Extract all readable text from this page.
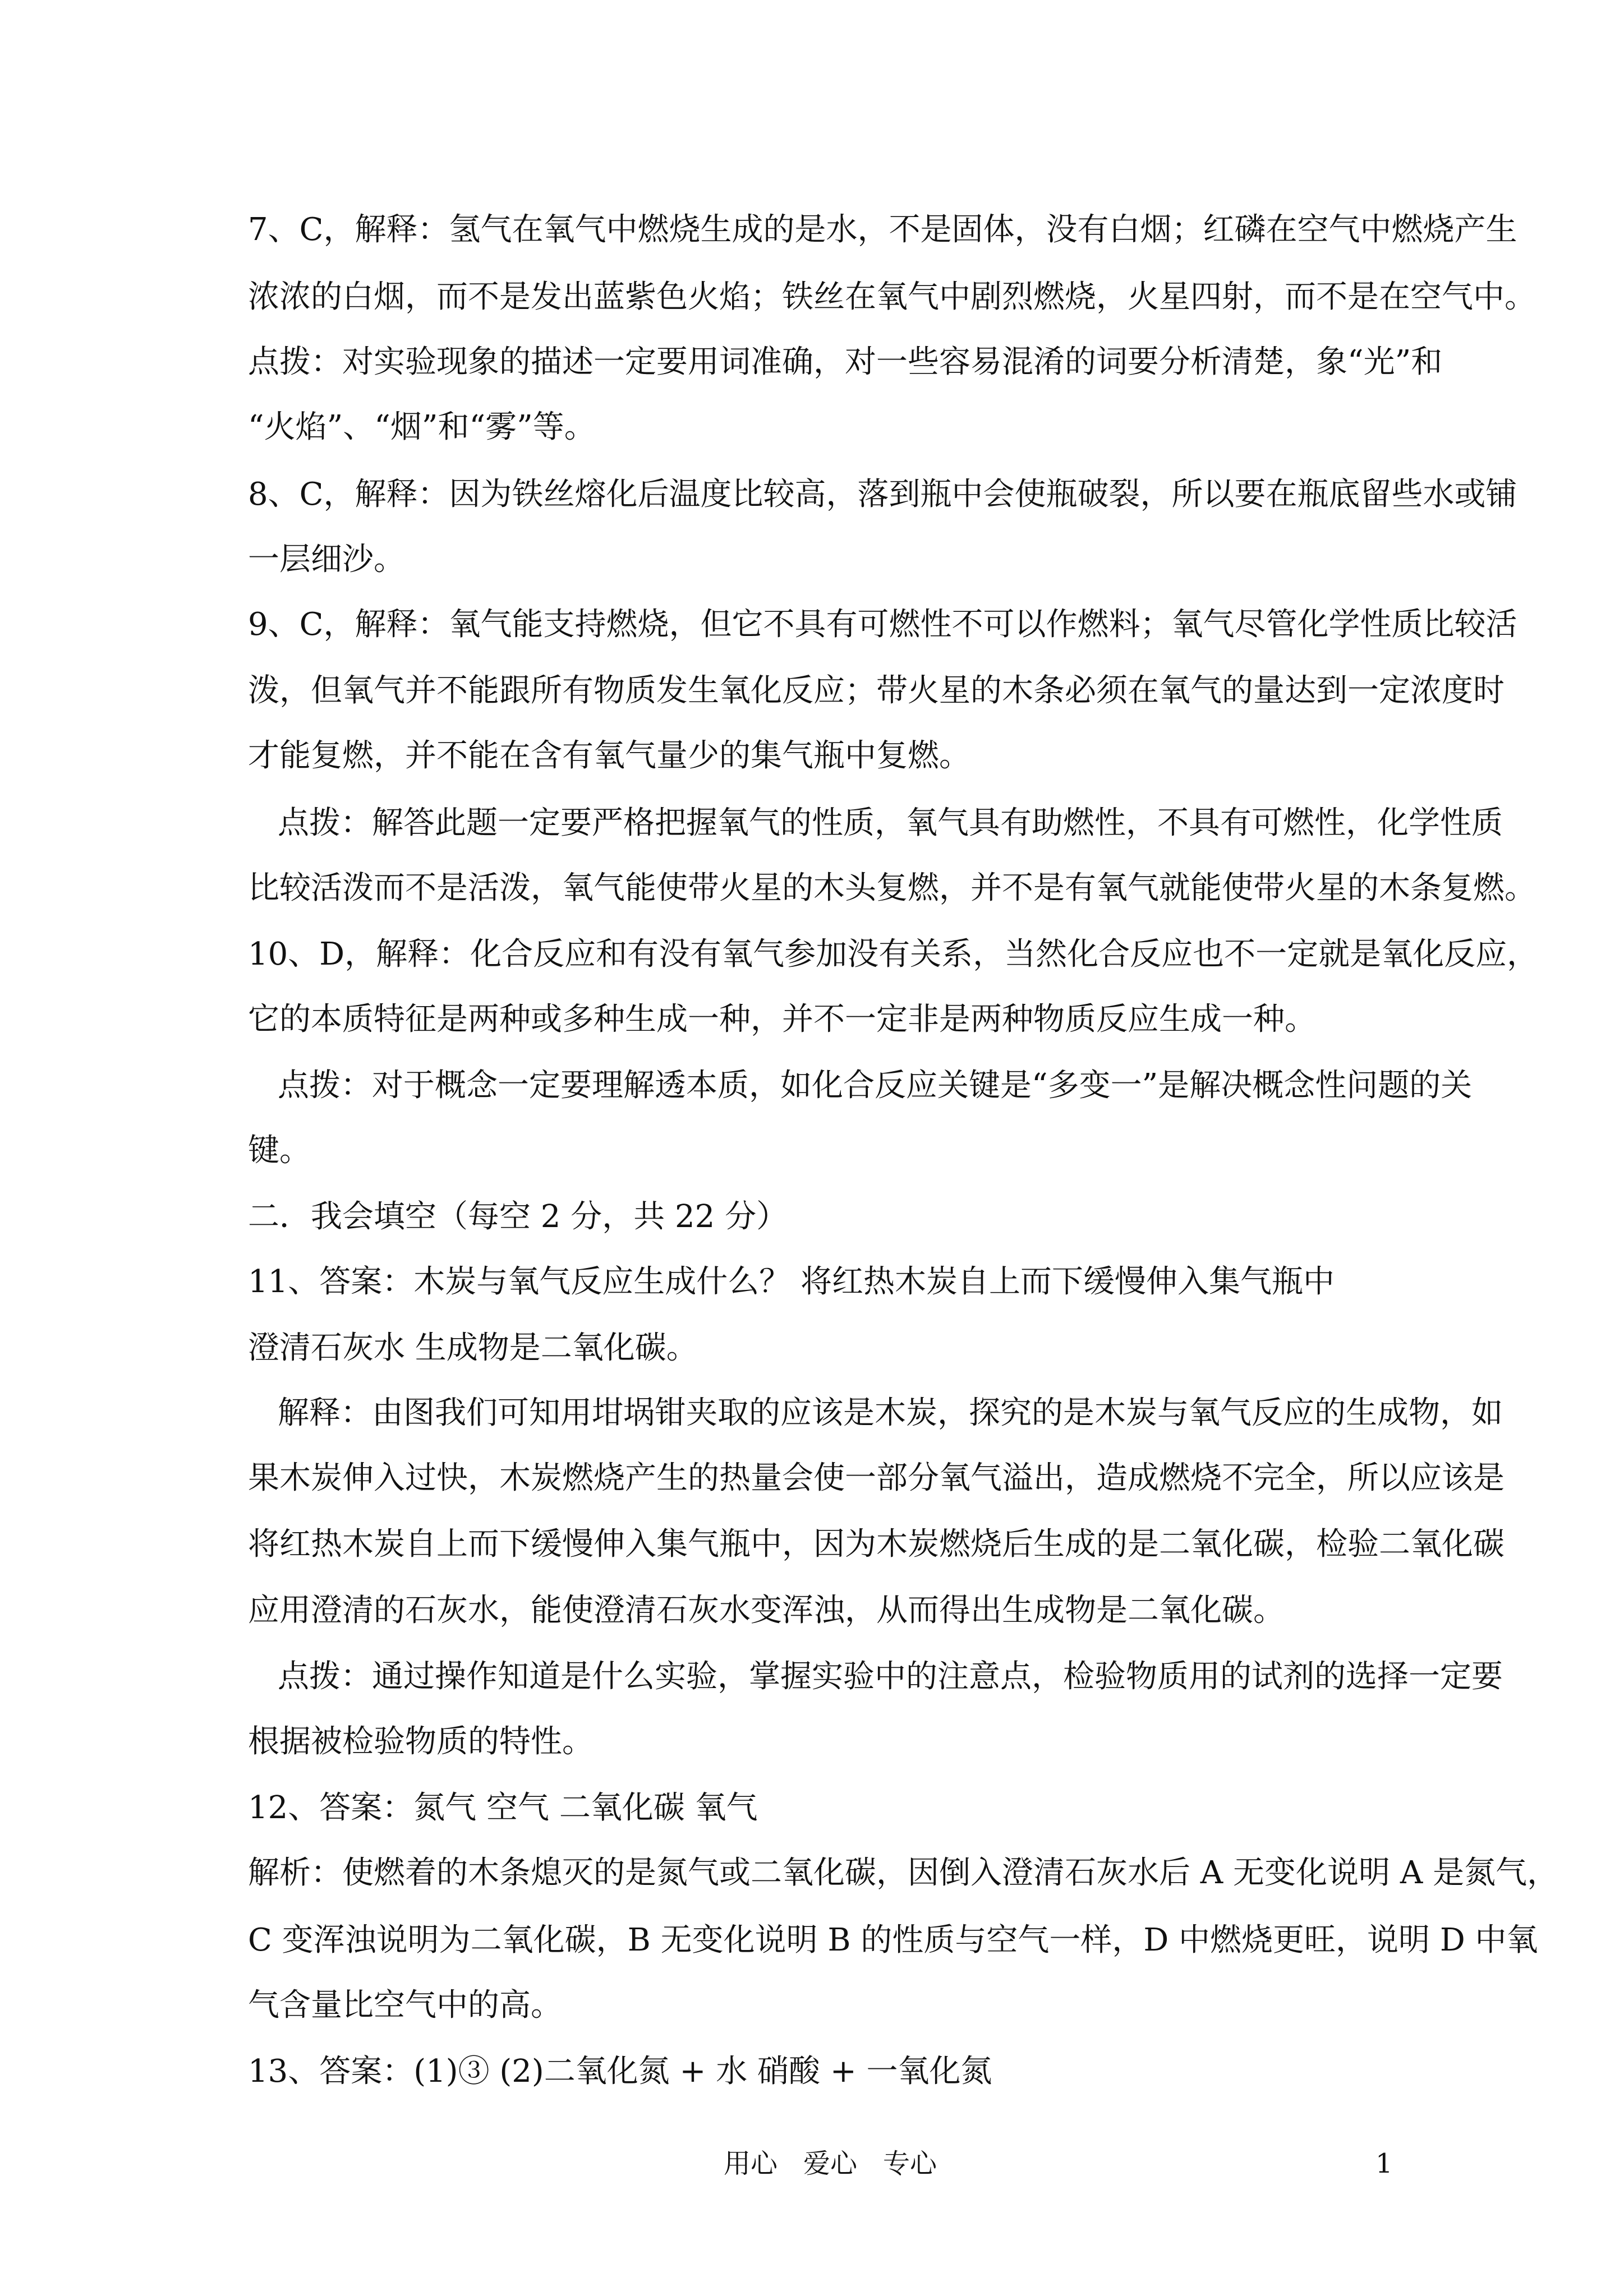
7、C，解释：氢气在氧气中燃烧生成的是水，不是固体，没有白烟；红磷在空气中燃烧产生
浓浓的白烟，而不是发出蓝紫色火焰；铁丝在氧气中剧烈燃烧，火星四射，而不是在空气中。
点拨：对实验现象的描述一定要用词准确，对一些容易混淆的词要分析清楚，象“光”和
“火焰”、“烟”和“雾”等。
8、C，解释：因为铁丝熔化后温度比较高，落到瓶中会使瓶破裂，所以要在瓶底留些水或铺
一层细沙。
9、C，解释：氧气能支持燃烧，但它不具有可燃性不可以作燃料；氧气尽管化学性质比较活
泼，但氧气并不能跟所有物质发生氧化反应；带火星的木条必须在氧气的量达到一定浓度时
才能复燃，并不能在含有氧气量少的集气瓶中复燃。
点拨：解答此题一定要严格把握氧气的性质，氧气具有助燃性，不具有可燃性，化学性质
比较活泼而不是活泼，氧气能使带火星的木头复燃，并不是有氧气就能使带火星的木条复燃。
10、D，解释：化合反应和有没有氧气参加没有关系，当然化合反应也不一定就是氧化反应，
它的本质特征是两种或多种生成一种，并不一定非是两种物质反应生成一种。
点拨：对于概念一定要理解透本质，如化合反应关键是“多变一”是解决概念性问题的关
键。
二．我会填空（每空 2 分，共 22 分）
11、答案：木炭与氧气反应生成什么？ 将红热木炭自上而下缓慢伸入集气瓶中
澄清石灰水 生成物是二氧化碳。
解释：由图我们可知用坩埚钳夹取的应该是木炭，探究的是木炭与氧气反应的生成物，如
果木炭伸入过快，木炭燃烧产生的热量会使一部分氧气溢出，造成燃烧不完全，所以应该是
将红热木炭自上而下缓慢伸入集气瓶中，因为木炭燃烧后生成的是二氧化碳，检验二氧化碳
应用澄清的石灰水，能使澄清石灰水变浑浊，从而得出生成物是二氧化碳。
点拨：通过操作知道是什么实验，掌握实验中的注意点，检验物质用的试剂的选择一定要
根据被检验物质的特性。
12、答案：氮气 空气 二氧化碳 氧气
解析：使燃着的木条熄灭的是氮气或二氧化碳，因倒入澄清石灰水后 A 无变化说明 A 是氮气，
C 变浑浊说明为二氧化碳，B 无变化说明 B 的性质与空气一样，D 中燃烧更旺，说明 D 中氧
气含量比空气中的高。
13、答案：(1)③ (2)二氧化氮 + 水 硝酸 + 一氧化氮
用心 爱心 专心	1
